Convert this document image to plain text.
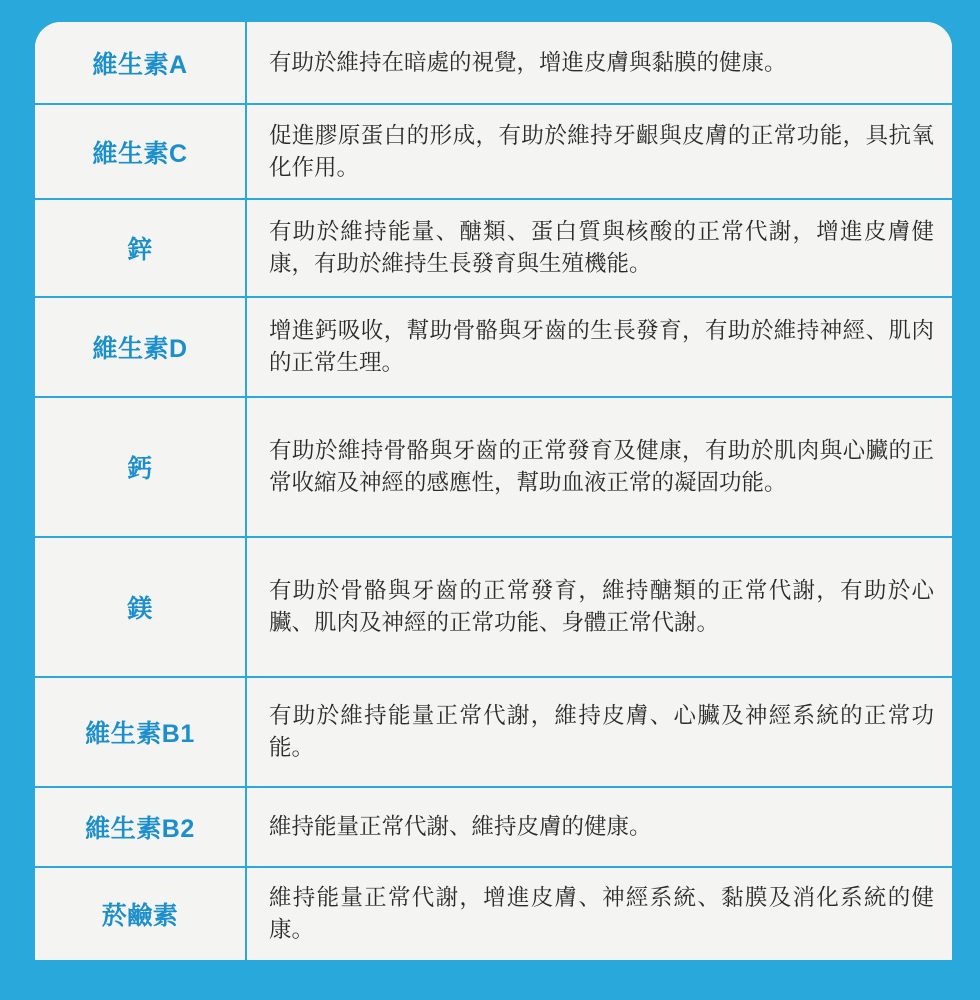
維生素A	有助於維持在暗處的視覺，增進皮膚與黏膜的健康。
維生素C	促進膠原蛋白的形成，有助於維持牙齦與皮膚的正常功能，具抗氧化作用。
鋅	有助於維持能量、醣類、蛋白質與核酸的正常代謝，增進皮膚健康，有助於維持生長發育與生殖機能。
維生素D	增進鈣吸收，幫助骨骼與牙齒的生長發育，有助於維持神經、肌肉的正常生理。
鈣	有助於維持骨骼與牙齒的正常發育及健康，有助於肌肉與心臟的正常收縮及神經的感應性，幫助血液正常的凝固功能。
鎂	有助於骨骼與牙齒的正常發育，維持醣類的正常代謝，有助於心臟、肌肉及神經的正常功能、身體正常代謝。
維生素B1	有助於維持能量正常代謝，維持皮膚、心臟及神經系統的正常功能。
維生素B2	維持能量正常代謝、維持皮膚的健康。
菸鹼素	維持能量正常代謝，增進皮膚、神經系統、黏膜及消化系統的健康。
